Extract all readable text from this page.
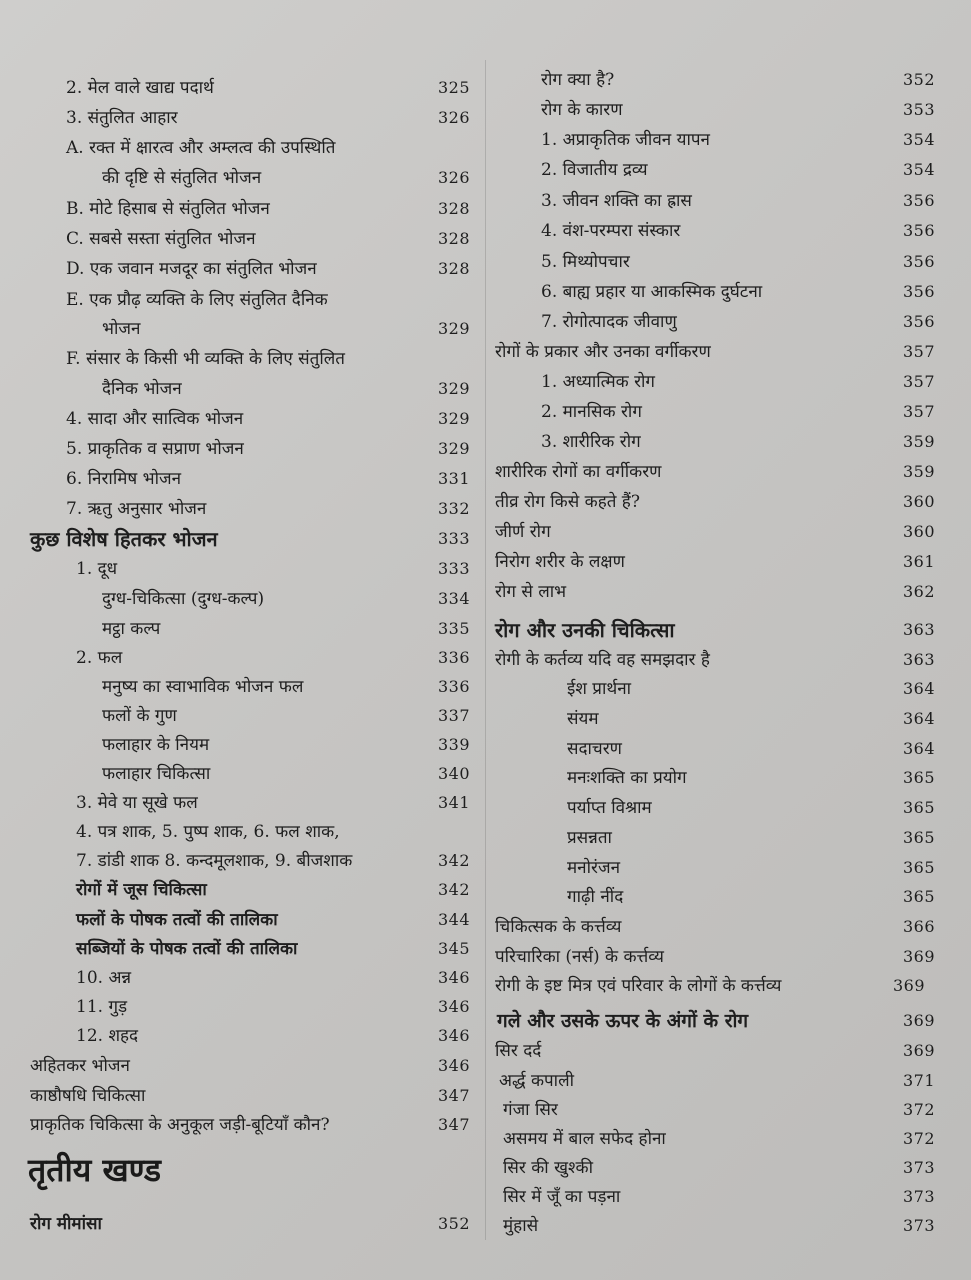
2. मेल वाले खाद्य पदार्थ	325
3. संतुलित आहार	326
A. रक्त में क्षारत्व और अम्लत्व की उपस्थिति
की दृष्टि से संतुलित भोजन	326
B. मोटे हिसाब से संतुलित भोजन	328
C. सबसे सस्ता संतुलित भोजन	328
D. एक जवान मजदूर का संतुलित भोजन	328
E. एक प्रौढ़ व्यक्ति के लिए संतुलित दैनिक
भोजन	329
F. संसार के किसी भी व्यक्ति के लिए संतुलित
दैनिक भोजन	329
4. सादा और सात्विक भोजन	329
5. प्राकृतिक व सप्राण भोजन	329
6. निरामिष भोजन	331
7. ऋतु अनुसार भोजन	332
कुछ विशेष हितकर भोजन	333
1. दूध	333
दुग्ध-चिकित्सा (दुग्ध-कल्प)	334
मट्ठा कल्प	335
2. फल	336
मनुष्य का स्वाभाविक भोजन फल	336
फलों के गुण	337
फलाहार के नियम	339
फलाहार चिकित्सा	340
3. मेवे या सूखे फल	341
4. पत्र शाक, 5. पुष्प शाक, 6. फल शाक,
7. डांडी शाक 8. कन्दमूलशाक, 9. बीजशाक	342
रोगों में जूस चिकित्सा	342
फलों के पोषक तत्वों की तालिका	344
सब्जियों के पोषक तत्वों की तालिका	345
10. अन्न	346
11. गुड़	346
12. शहद	346
अहितकर भोजन	346
काष्ठौषधि चिकित्सा	347
प्राकृतिक चिकित्सा के अनुकूल जड़ी-बूटियाँ कौन?	347
रोग मीमांसा	352
तृतीय खण्ड
रोग क्या है?	352
रोग के कारण	353
1. अप्राकृतिक जीवन यापन	354
2. विजातीय द्रव्य	354
3. जीवन शक्ति का ह्रास	356
4. वंश-परम्परा संस्कार	356
5. मिथ्योपचार	356
6. बाह्य प्रहार या आकस्मिक दुर्घटना	356
7. रोगोत्पादक जीवाणु	356
रोगों के प्रकार और उनका वर्गीकरण	357
1. अध्यात्मिक रोग	357
2. मानसिक रोग	357
3. शारीरिक रोग	359
शारीरिक रोगों का वर्गीकरण	359
तीव्र रोग किसे कहते हैं?	360
जीर्ण रोग	360
निरोग शरीर के लक्षण	361
रोग से लाभ	362
रोग और उनकी चिकित्सा	363
रोगी के कर्तव्य यदि वह समझदार है	363
ईश प्रार्थना	364
संयम	364
सदाचरण	364
मनःशक्ति का प्रयोग	365
पर्याप्त विश्राम	365
प्रसन्नता	365
मनोरंजन	365
गाढ़ी नींद	365
चिकित्सक के कर्त्तव्य	366
परिचारिका (नर्स) के कर्त्तव्य	369
रोगी के इष्ट मित्र एवं परिवार के लोगों के कर्त्तव्य	369
गले और उसके ऊपर के अंगों के रोग	369
सिर दर्द	369
अर्द्ध कपाली	371
गंजा सिर	372
असमय में बाल सफेद होना	372
सिर की खुश्की	373
सिर में जूँ का पड़ना	373
मुंहासे	373
